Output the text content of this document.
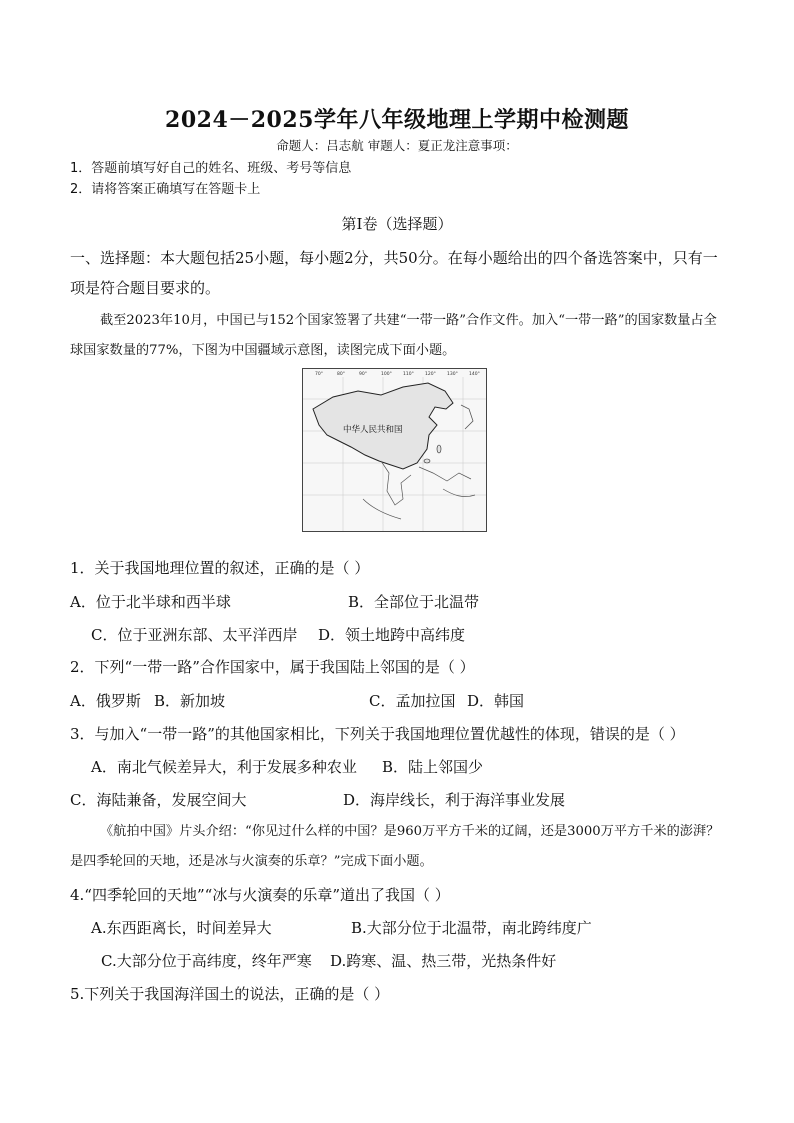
2024－2025学年八年级地理上学期中检测题
命题人：吕志航 审题人：夏正龙注意事项：
1．答题前填写好自己的姓名、班级、考号等信息
2．请将答案正确填写在答题卡上
第Ⅰ卷（选择题）
一、选择题：本大题包括25小题，每小题2分，共50分。在每小题给出的四个备选答案中，只有一项是符合题目要求的。
截至2023年10月，中国已与152个国家签署了共建“一带一路”合作文件。加入“一带一路”的国家数量占全球国家数量的77%，下图为中国疆域示意图，读图完成下面小题。
70°	80°	90°	100° 110° 120° 130° 140°
中华人民共和国
1．关于我国地理位置的叙述，正确的是（ ）
A．位于北半球和西半球	B．全部位于北温带
C．位于亚洲东部、太平洋西岸 D．领土地跨中高纬度
2．下列“一带一路”合作国家中，属于我国陆上邻国的是（ ）
A．俄罗斯 B．新加坡	C．孟加拉国 D．韩国
3．与加入“一带一路”的其他国家相比，下列关于我国地理位置优越性的体现，错误的是（ ）
A．南北气候差异大，利于发展多种农业 B．陆上邻国少
C．海陆兼备，发展空间大	D．海岸线长，利于海洋事业发展
《航拍中国》片头介绍：“你见过什么样的中国？是960万平方千米的辽阔，还是3000万平方千米的澎湃？是四季轮回的天地，还是冰与火演奏的乐章？”完成下面小题。
4.“四季轮回的天地”“冰与火演奏的乐章”道出了我国（ ）
A.东西距离长，时间差异大	B.大部分位于北温带，南北跨纬度广
C.大部分位于高纬度，终年严寒 D.跨寒、温、热三带，光热条件好
5.下列关于我国海洋国土的说法，正确的是（ ）
